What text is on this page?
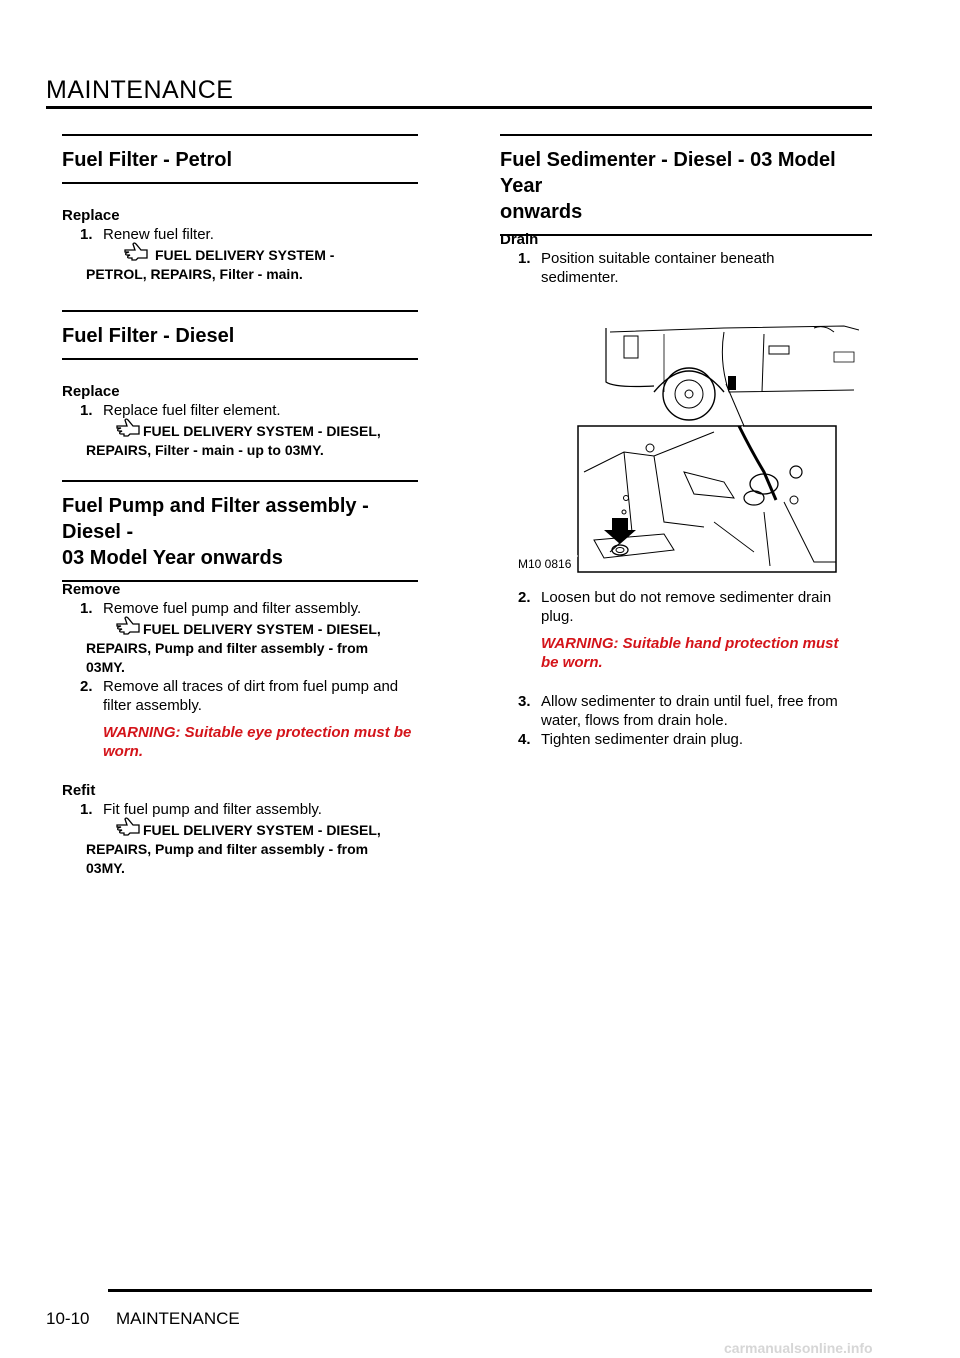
MAINTENANCE
Fuel Filter - Petrol
Replace
1. Renew fuel filter.
FUEL DELIVERY SYSTEM -
PETROL, REPAIRS, Filter - main.
Fuel Filter - Diesel
Replace
1. Replace fuel filter element.
FUEL DELIVERY SYSTEM - DIESEL,
REPAIRS, Filter - main - up to 03MY.
Fuel Pump and Filter assembly - Diesel -
03 Model Year onwards
Remove
1. Remove fuel pump and filter assembly.
FUEL DELIVERY SYSTEM - DIESEL,
REPAIRS, Pump and filter assembly - from
03MY.
2. Remove all traces of dirt from fuel pump and
filter assembly.
WARNING: Suitable eye protection must be
worn.
Refit
1. Fit fuel pump and filter assembly.
FUEL DELIVERY SYSTEM - DIESEL,
REPAIRS, Pump and filter assembly - from
03MY.
Fuel Sedimenter - Diesel - 03 Model Year
onwards
Drain
1. Position suitable container beneath
sedimenter.
M10 0816
2. Loosen but do not remove sedimenter drain
plug.
WARNING: Suitable hand protection must
be worn.
3. Allow sedimenter to drain until fuel, free from
water, flows from drain hole.
4. Tighten sedimenter drain plug.
10-10 MAINTENANCE
carmanualsonline.info
